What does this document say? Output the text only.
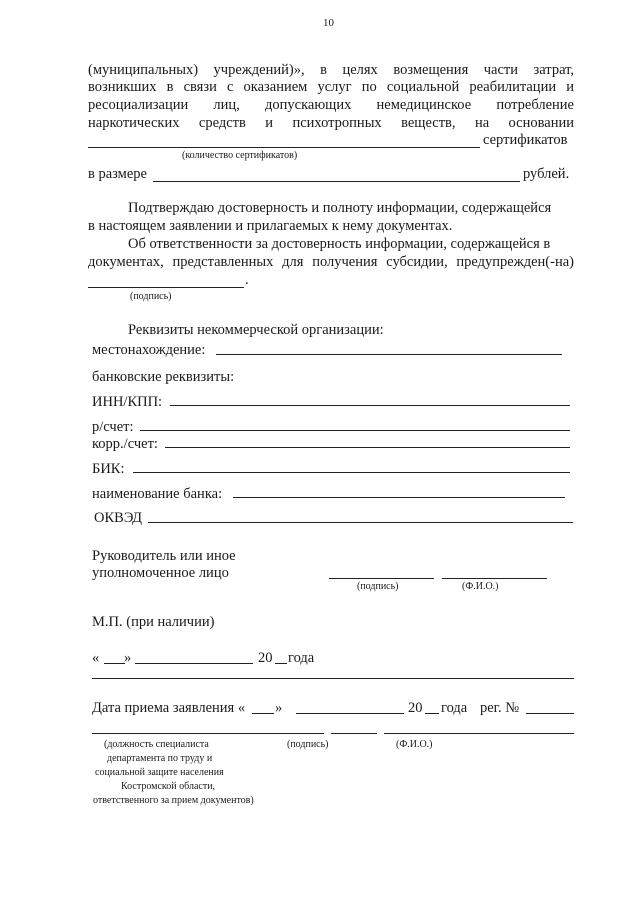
10
(муниципальных) учреждений)», в целях возмещения части затрат,
возникших в связи с оказанием услуг по социальной реабилитации и
ресоциализации лиц, допускающих немедицинское потребление
наркотических средств и психотропных веществ, на основании
сертификатов
(количество сертификатов)
в размере	рублей.
Подтверждаю достоверность и полноту информации, содержащейся
в настоящем заявлении и прилагаемых к нему документах.
Об ответственности за достоверность информации, содержащейся в
документах, представленных для получения субсидии, предупрежден(-на)
.
(подпись)
Реквизиты некоммерческой организации:
местонахождение:
банковские реквизиты:
ИНН/КПП:
р/счет:
корр./счет:
БИК:
наименование банка:
ОКВЭД
Руководитель или иное
уполномоченное лицо
(подпись)	(Ф.И.О.)
М.П. (при наличии)
« »	20 года
Дата приема заявления « »	20 года рег. №
(должность специалиста
департамента по труду и
социальной защите населения
Костромской области,
ответственного за прием документов)
(подпись)	(Ф.И.О.)
